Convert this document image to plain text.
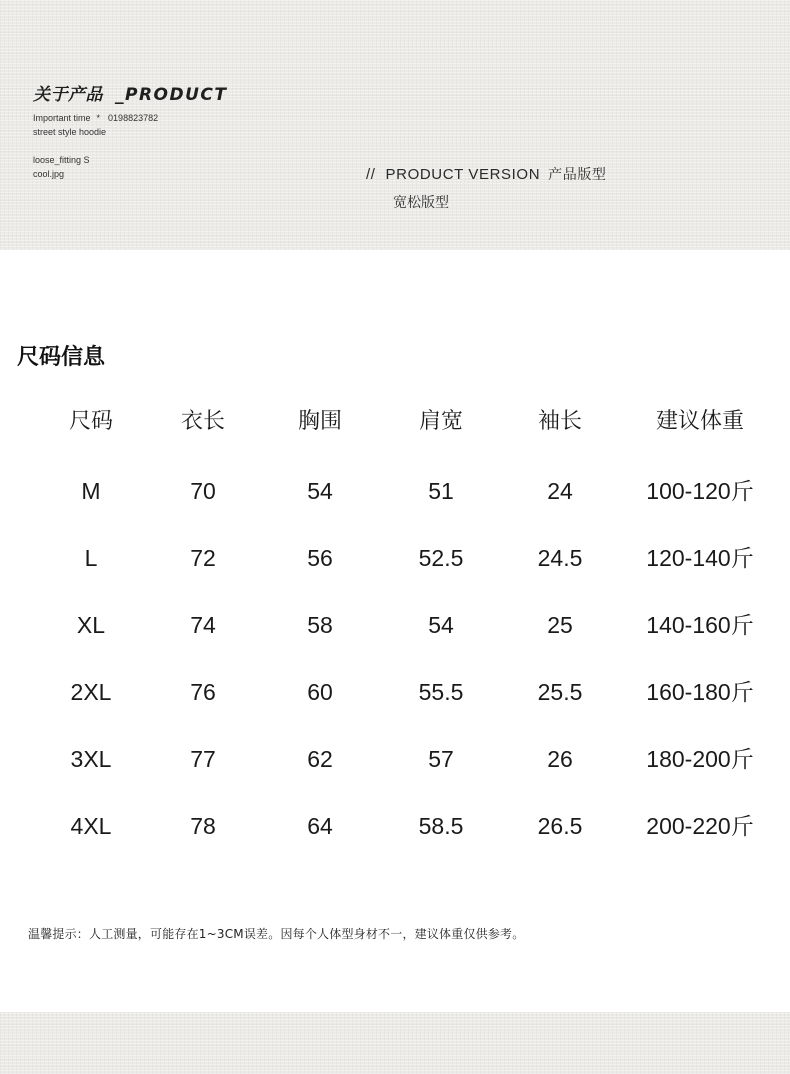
关于产品 _PRODUCT
Important time * 0198823782
street style hoodie
loose_fitting S
cool.jpg	// PRODUCT VERSION 产品版型
宽松版型
尺码信息
尺码	衣长	胸围	肩宽	袖长	建议体重
M	70	54	51	24	100-120斤
L	72	56	52.5	24.5	120-140斤
XL	74	58	54	25	140-160斤
2XL	76	60	55.5	25.5	160-180斤
3XL	77	62	57	26	180-200斤
4XL	78	64	58.5	26.5	200-220斤
温馨提示：人工测量，可能存在1~3CM误差。因每个人体型身材不一，建议体重仅供参考。
